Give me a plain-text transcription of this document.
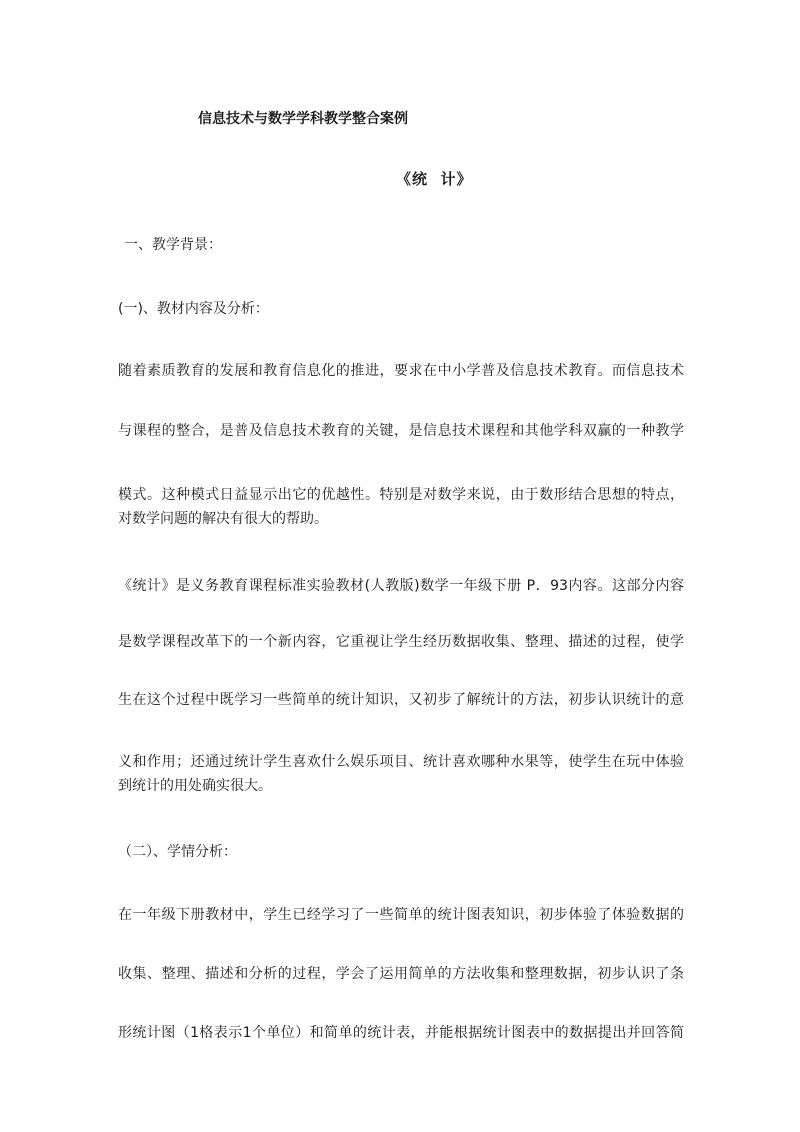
信息技术与数学学科教学整合案例
《统  计》
一、教学背景：
(一)、教材内容及分析：
随着素质教育的发展和教育信息化的推进，要求在中小学普及信息技术教育。而信息技术
与课程的整合，是普及信息技术教育的关键，是信息技术课程和其他学科双赢的一种教学
模式。这种模式日益显示出它的优越性。特别是对数学来说，由于数形结合思想的特点，
对数学问题的解决有很大的帮助。
《统计》是义务教育课程标准实验教材(人教版)数学一年级下册 P．93内容。这部分内容
是数学课程改革下的一个新内容，它重视让学生经历数据收集、整理、描述的过程，使学
生在这个过程中既学习一些简单的统计知识，又初步了解统计的方法，初步认识统计的意
义和作用；还通过统计学生喜欢什么娱乐项目、统计喜欢哪种水果等，使学生在玩中体验
到统计的用处确实很大。
（二）、学情分析：
在一年级下册教材中，学生已经学习了一些简单的统计图表知识，初步体验了体验数据的
收集、整理、描述和分析的过程，学会了运用简单的方法收集和整理数据，初步认识了条
形统计图（1格表示1个单位）和简单的统计表，并能根据统计图表中的数据提出并回答简
